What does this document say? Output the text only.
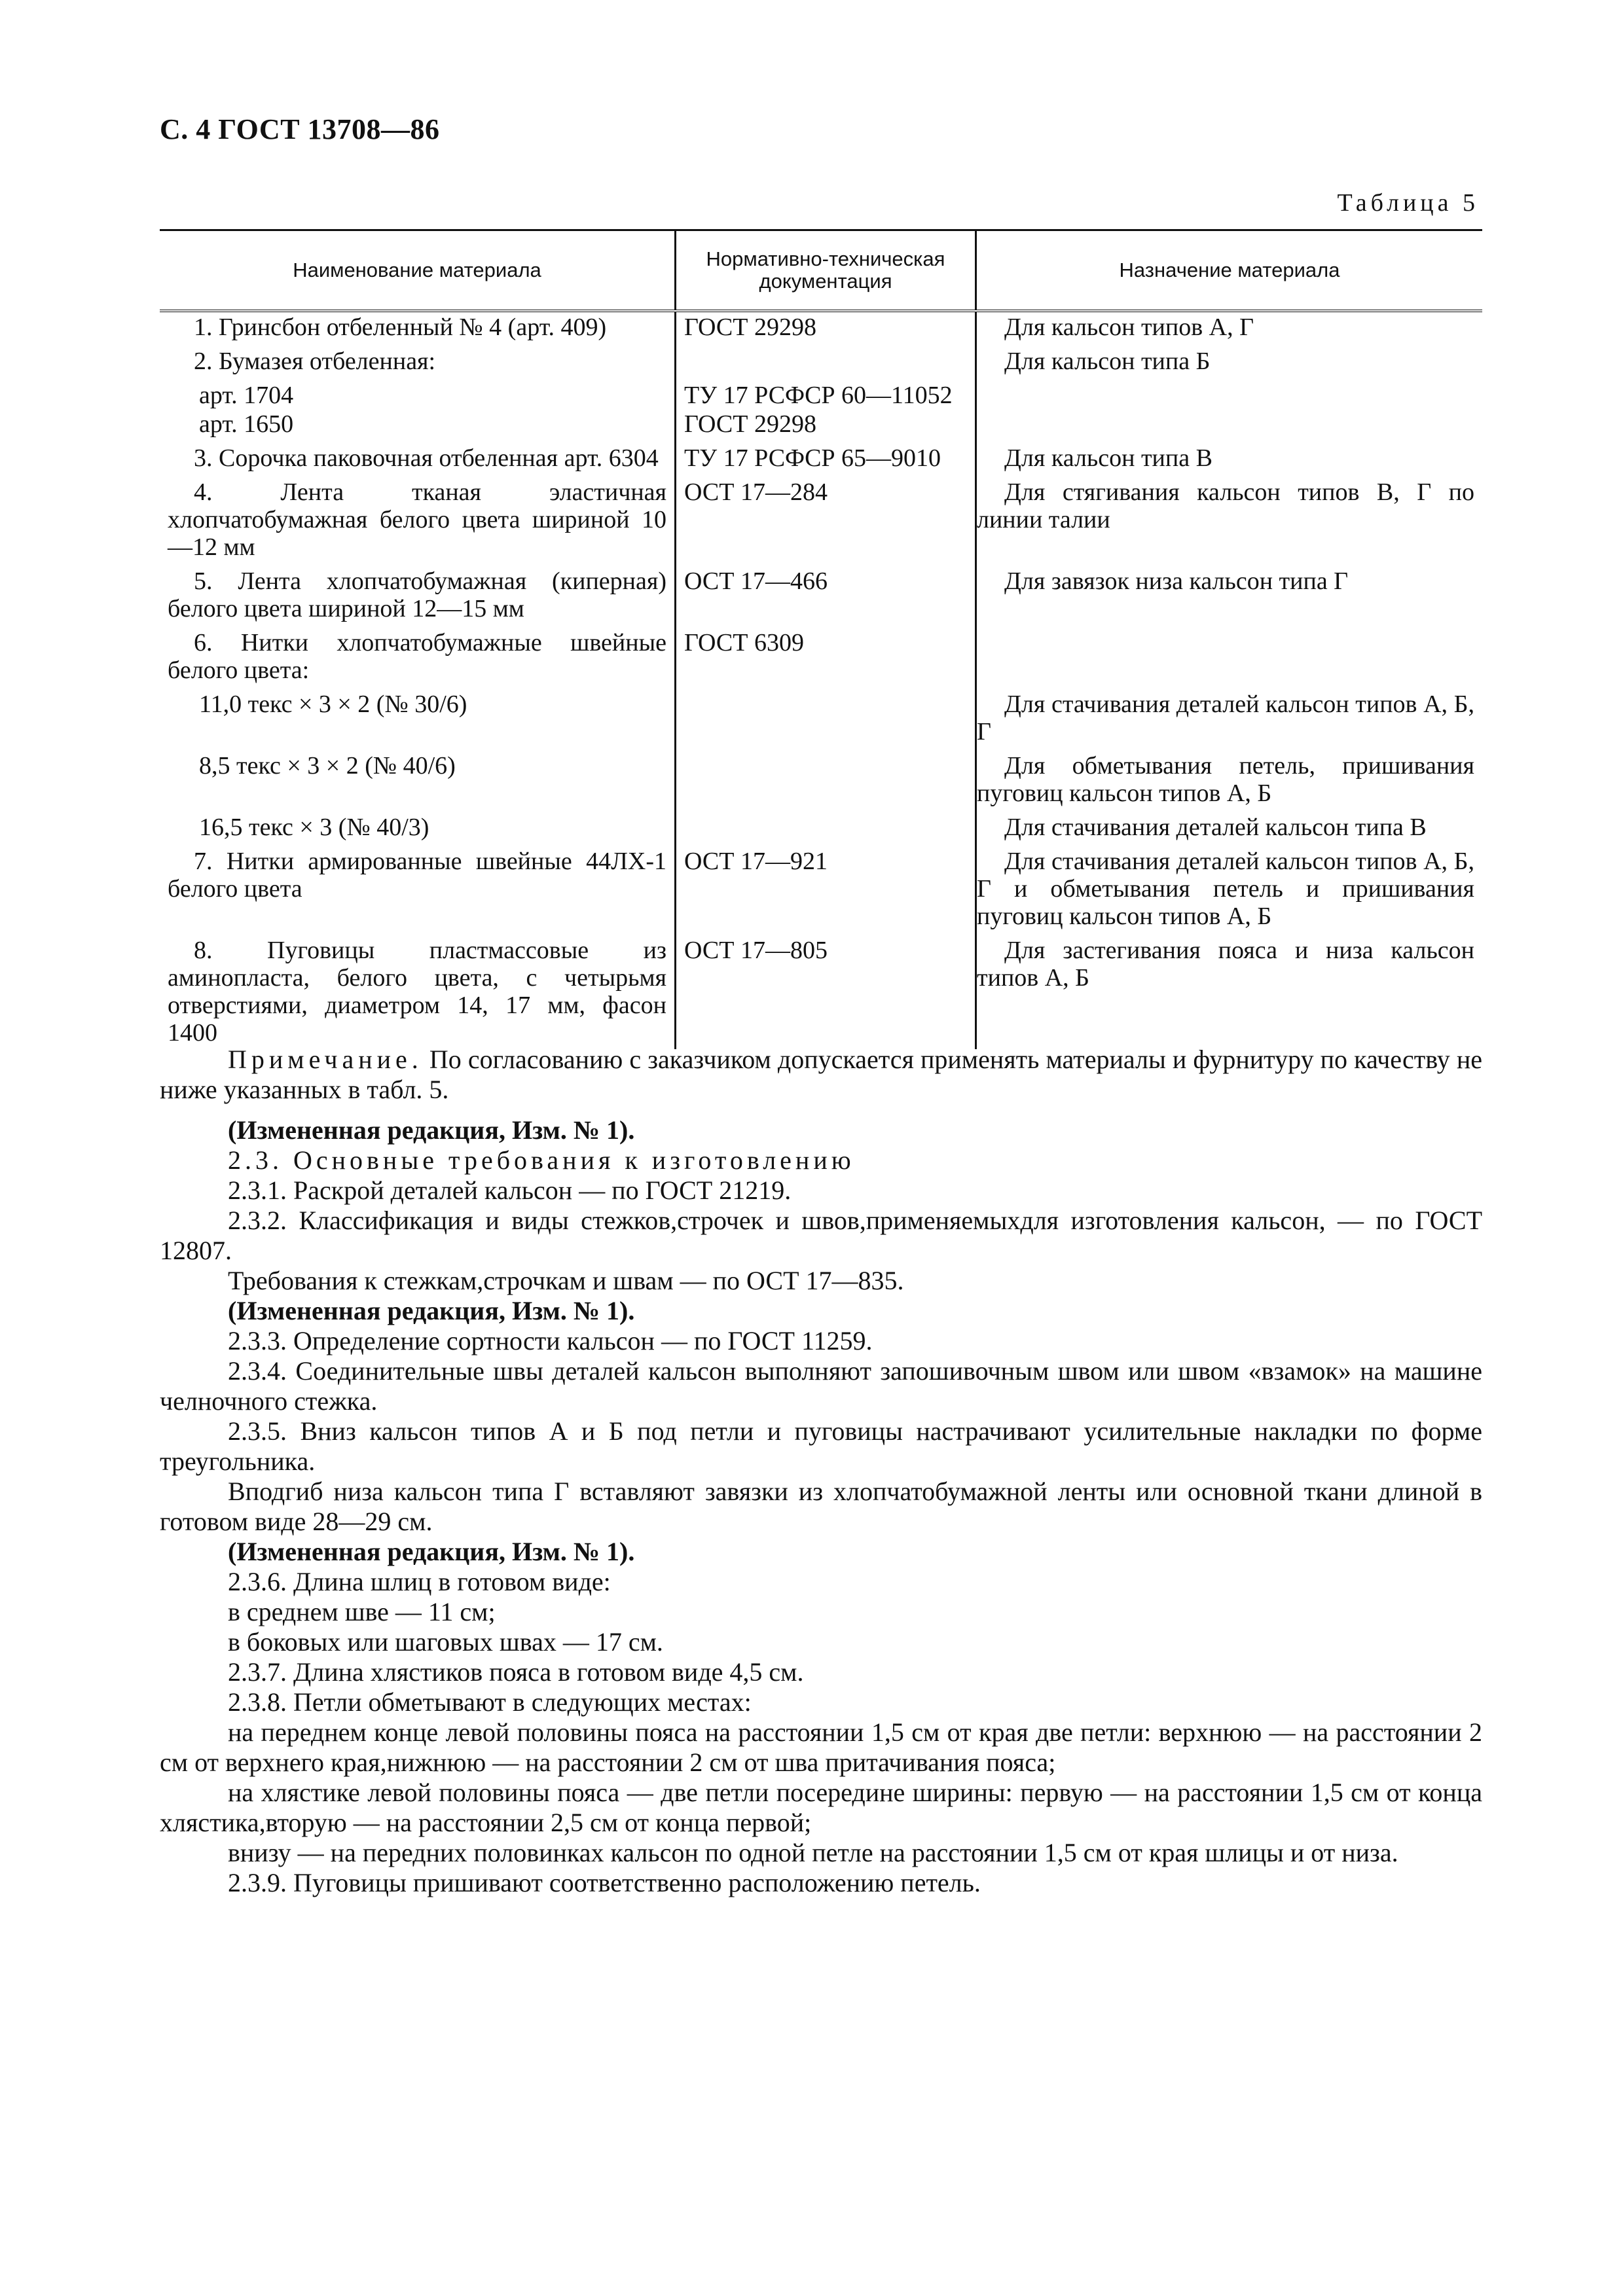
С. 4 ГОСТ 13708—86
Таблица 5
Наименование материала	Нормативно-техническая документация	Назначение материала
1. Гринсбон отбеленный № 4 (арт. 409)	ГОСТ 29298	Для кальсон типов А, Г

2. Бумазея отбеленная:		Для кальсон типа Б

арт. 1704	ТУ 17 РСФСР 60—11052	
арт. 1650	ГОСТ 29298	
3. Сорочка паковочная отбеленная арт. 6304	ТУ 17 РСФСР 65—9010	Для кальсон типа В

4. Лента тканая эластичная хлопчатобумажная белого цвета шириной 10—12 мм	ОСТ 17—284	Для стягивания кальсон типов В, Г по линии талии

5. Лента хлопчатобумажная (киперная) белого цвета шириной 12—15 мм	ОСТ 17—466	Для завязок низа кальсон типа Г

6. Нитки хлопчатобумажные швейные белого цвета:	ГОСТ 6309	
11,0 текс × 3 × 2 (№ 30/6)		Для стачивания деталей кальсон типов А, Б, Г

8,5 текс × 3 × 2 (№ 40/6)		Для обметывания петель, пришивания пуговиц кальсон типов А, Б

16,5 текс × 3 (№ 40/3)		Для стачивания деталей кальсон типа В

7. Нитки армированные швейные 44ЛХ-1 белого цвета	ОСТ 17—921	Для стачивания деталей кальсон типов А, Б, Г и обметывания петель и пришивания пуговиц кальсон типов А, Б

8. Пуговицы пластмассовые из аминопласта, белого цвета, с четырьмя отверстиями, диаметром 14, 17 мм, фасон 1400	ОСТ 17—805	Для застегивания пояса и низа кальсон типов А, Б

Примечание. По согласованию с заказчиком допускается применять материалы и фурнитуру по качеству не ниже указанных в табл. 5.

(Измененная редакция, Изм. № 1).

2.3. Основные требования к изготовлению

2.3.1. Раскрой деталей кальсон — по ГОСТ 21219.

2.3.2. Классификация и виды стежков,строчек и швов,применяемыхдля изготовления кальсон, — по ГОСТ 12807.

Требования к стежкам,строчкам и швам — по ОСТ 17—835.

(Измененная редакция, Изм. № 1).

2.3.3. Определение сортности кальсон — по ГОСТ 11259.

2.3.4. Соединительные швы деталей кальсон выполняют запошивочным швом или швом «взамок» на машине челночного стежка.

2.3.5. Вниз кальсон типов А и Б под петли и пуговицы настрачивают усилительные накладки по форме треугольника.

Вподгиб низа кальсон типа Г вставляют завязки из хлопчатобумажной ленты или основной ткани длиной в готовом виде 28—29 см.

(Измененная редакция, Изм. № 1).

2.3.6. Длина шлиц в готовом виде:

в среднем шве — 11 см;

в боковых или шаговых швах — 17 см.

2.3.7. Длина хлястиков пояса в готовом виде 4,5 см.

2.3.8. Петли обметывают в следующих местах:

на переднем конце левой половины пояса на расстоянии 1,5 см от края две петли: верхнюю — на расстоянии 2 см от верхнего края,нижнюю — на расстоянии 2 см от шва притачивания пояса;

на хлястике левой половины пояса — две петли посередине ширины: первую — на расстоянии 1,5 см от конца хлястика,вторую — на расстоянии 2,5 см от конца первой;

внизу — на передних половинках кальсон по одной петле на расстоянии 1,5 см от края шлицы и от низа.

2.3.9. Пуговицы пришивают соответственно расположению петель.
